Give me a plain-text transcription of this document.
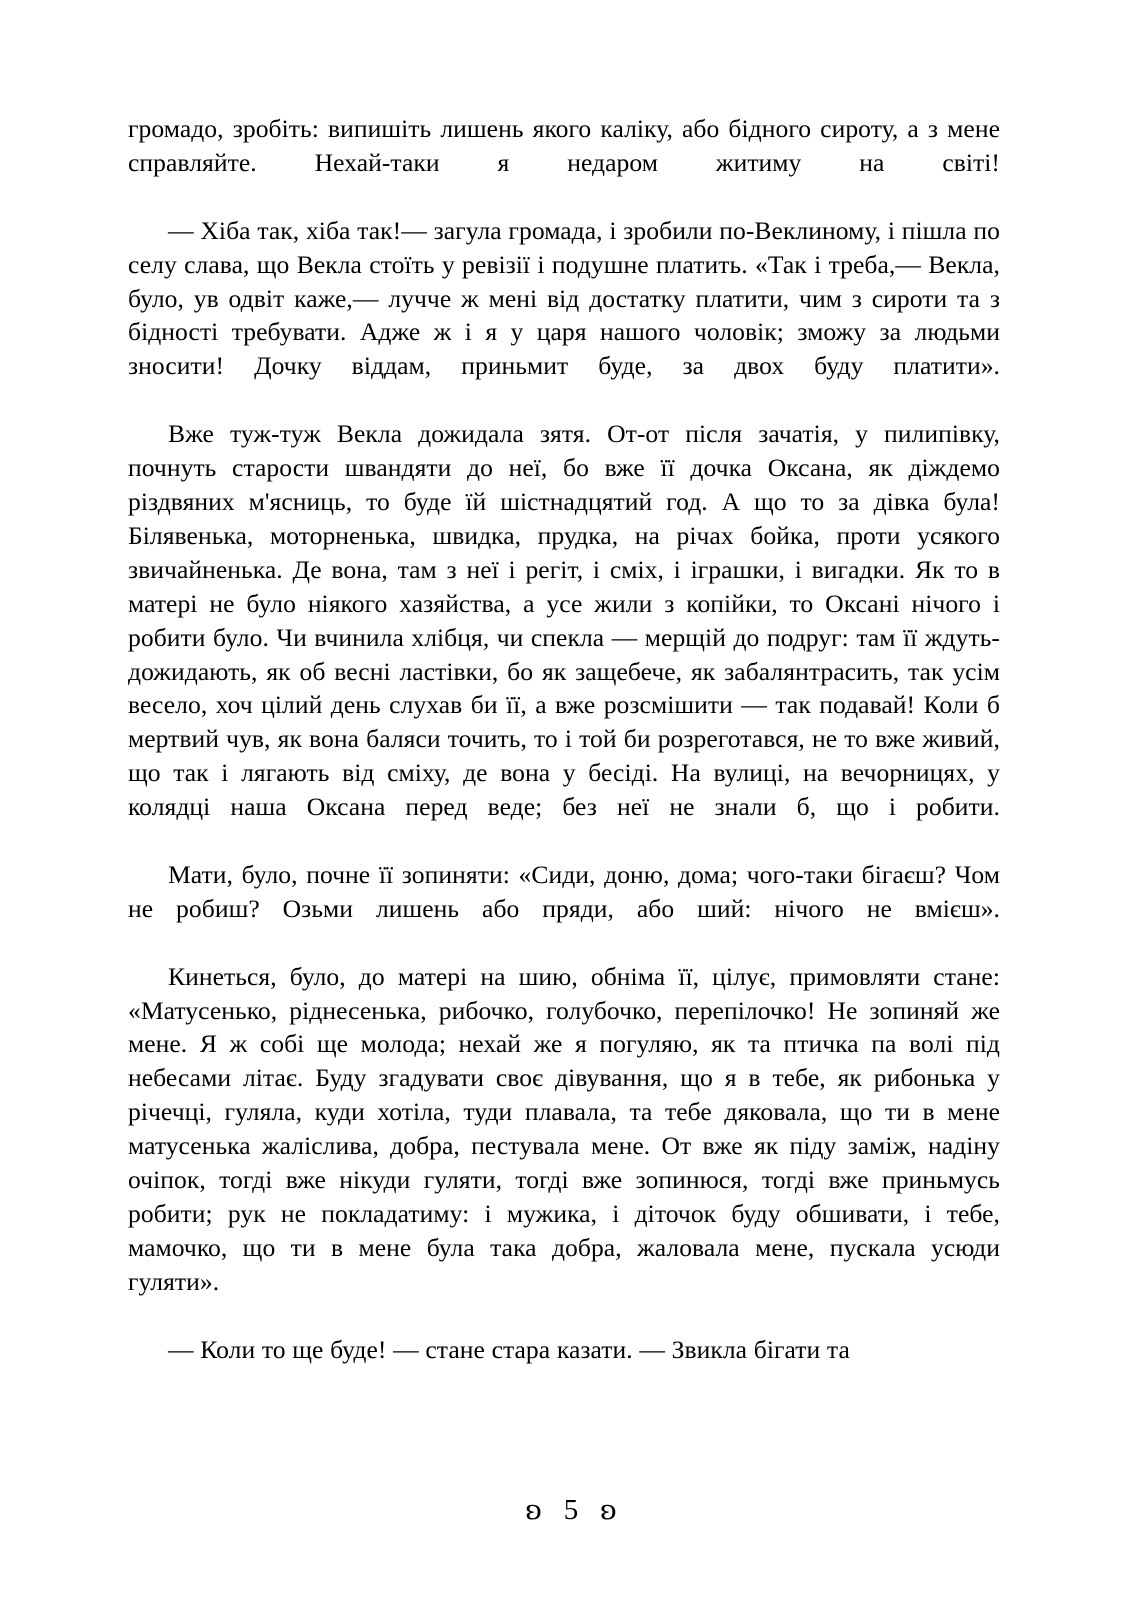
громадо, зробіть: випишіть лишень якого каліку, або бідного сироту, а з мене справляйте. Нехай-таки я недаром житиму на світі!

— Хіба так, хіба так!— загула громада, і зробили по-Веклиному, і пішла по селу слава, що Векла стоїть у ревізії і подушне платить. «Так і треба,— Векла, було, ув одвіт каже,— лучче ж мені від достатку платити, чим з сироти та з бідності требувати. Адже ж і я у царя нашого чоловік; зможу за людьми зносити! Дочку віддам, приньмит буде, за двох буду платити».

Вже туж-туж Векла дожидала зятя. От-от після зачатія, у пилипівку, почнуть старости швандяти до неї, бо вже її дочка Оксана, як діждемо різдвяних м'ясниць, то буде їй шістнадцятий год. А що то за дівка була! Білявенька, моторненька, швидка, прудка, на річах бойка, проти усякого звичайненька. Де вона, там з неї і регіт, і сміх, і іграшки, і вигадки. Як то в матері не було ніякого хазяйства, а усе жили з копійки, то Оксані нічого і робити було. Чи вчинила хлібця, чи спекла — мерщій до подруг: там її ждуть-дожидають, як об весні ластівки, бо як защебече, як забалянтрасить, так усім весело, хоч цілий день слухав би її, а вже розсмішити — так подавай! Коли б мертвий чув, як вона баляси точить, то і той би розреготався, не то вже живий, що так і лягають від сміху, де вона у бесіді. На вулиці, на вечорницях, у колядці наша Оксана перед веде; без неї не знали б, що і робити.

Мати, було, почне її зопиняти: «Сиди, доню, дома; чого-таки бігаєш? Чом не робиш? Озьми лишень або пряди, або ший: нічого не вмієш».

Кинеться, було, до матері на шию, обніма її, цілує, примовляти стане: «Матусенько, ріднесенька, рибочко, голубочко, перепілочко! Не зопиняй же мене. Я ж собі ще молода; нехай же я погуляю, як та птичка па волі під небесами літає. Буду згадувати своє дівування, що я в тебе, як рибонька у річечці, гуляла, куди хотіла, туди плавала, та тебе дяковала, що ти в мене матусенька жаліслива, добра, пестувала мене. От вже як піду заміж, надіну очіпок, тогді вже нікуди гуляти, тогді вже зопинюся, тогді вже приньмусь робити; рук не покладатиму: і мужика, і діточок буду обшивати, і тебе, мамочко, що ти в мене була така добра, жаловала мене, пускала усюди гуляти».

— Коли то ще буде! — стане стара казати. — Звикла бігати та

ʚ 5 ɞ
